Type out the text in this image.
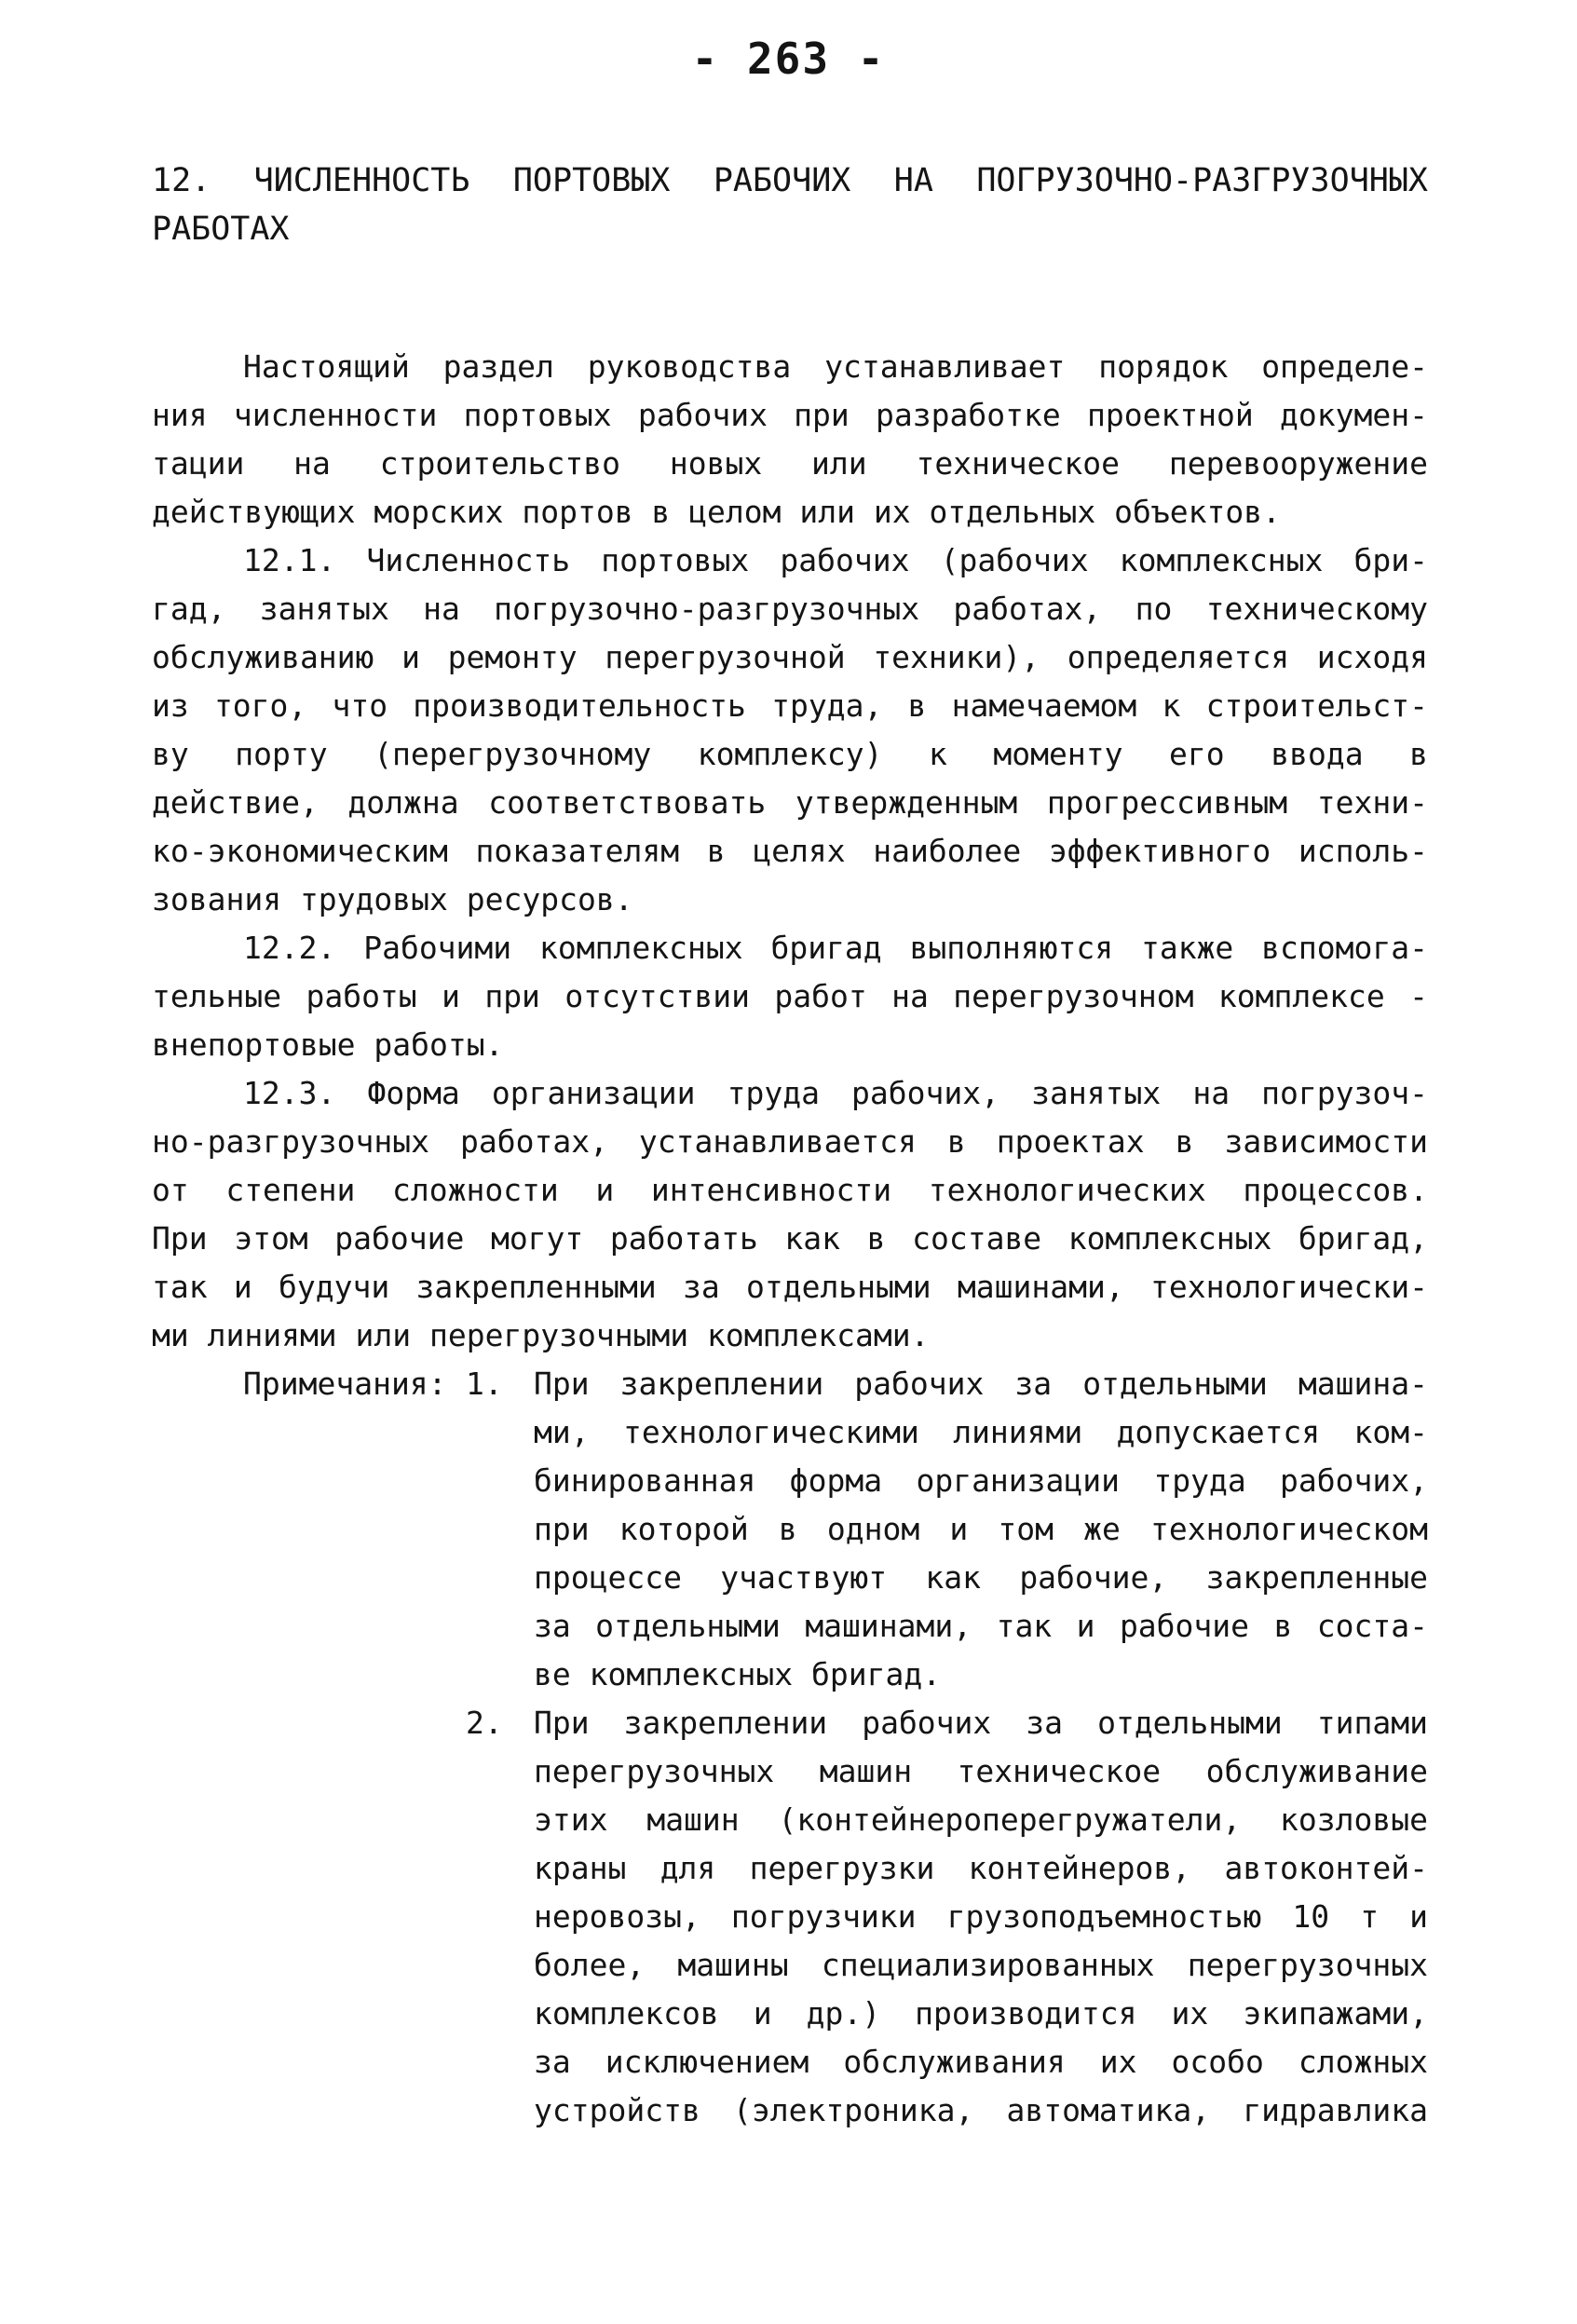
- 263 -
12. ЧИСЛЕННОСТЬ ПОРТОВЫХ РАБОЧИХ НА ПОГРУЗОЧНО-РАЗГРУЗОЧНЫХ
РАБОТАХ
Настоящий раздел руководства устанавливает порядок определе-
ния численности портовых рабочих при разработке проектной докумен-
тации на строительство новых или техническое перевооружение
действующих морских портов в целом или их отдельных объектов.
12.1. Численность портовых рабочих (рабочих комплексных бри-
гад, занятых на погрузочно-разгрузочных работах, по техническому
обслуживанию и ремонту перегрузочной техники), определяется исходя
из того, что производительность труда, в намечаемом к строительст-
ву порту (перегрузочному комплексу) к моменту его ввода в
действие, должна соответствовать утвержденным прогрессивным техни-
ко-экономическим показателям в целях наиболее эффективного исполь-
зования трудовых ресурсов.
12.2. Рабочими комплексных бригад выполняются также вспомога-
тельные работы и при отсутствии работ на перегрузочном комплексе -
внепортовые работы.
12.3. Форма организации труда рабочих, занятых на погрузоч-
но-разгрузочных работах, устанавливается в проектах в зависимости
от степени сложности и интенсивности технологических процессов.
При этом рабочие могут работать как в составе комплексных бригад,
так и будучи закрепленными за отдельными машинами, технологически-
ми линиями или перегрузочными комплексами.
Примечания: 1. При закреплении рабочих за отдельными машина-
ми, технологическими линиями допускается ком-
бинированная форма организации труда рабочих,
при которой в одном и том же технологическом
процессе участвуют как рабочие, закрепленные
за отдельными машинами, так и рабочие в соста-
ве комплексных бригад.
2. При закреплении рабочих за отдельными типами
перегрузочных машин техническое обслуживание
этих машин (контейнероперегружатели, козловые
краны для перегрузки контейнеров, автоконтей-
неровозы, погрузчики грузоподъемностью 10 т и
более, машины специализированных перегрузочных
комплексов и др.) производится их экипажами,
за исключением обслуживания их особо сложных
устройств (электроника, автоматика, гидравлика
